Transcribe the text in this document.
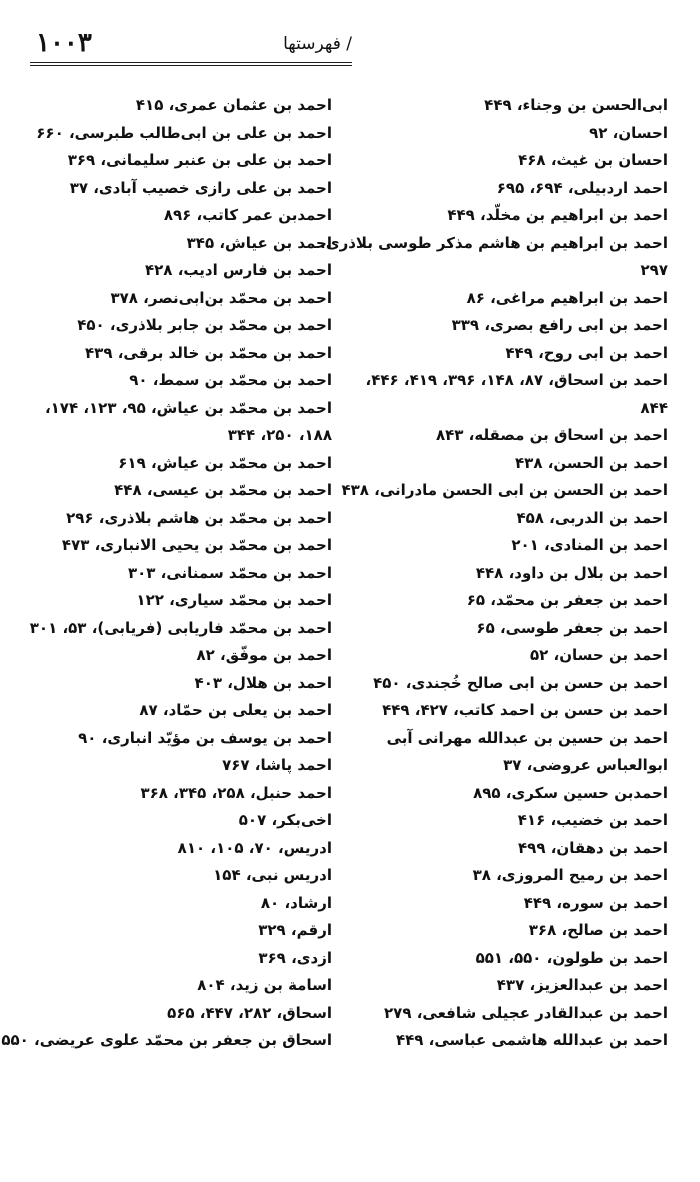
۱۰۰۳	/ فهرستها
ابی‌الحسن بن وجناء، ۴۴۹
احسان، ۹۲
احسان بن غیث، ۴۶۸
احمد اردبیلی، ۶۹۴، ۶۹۵
احمد بن ابراهیم بن مخلّد، ۴۴۹
احمد بن ابراهیم بن هاشم مذکر طوسی بلاذری،
۲۹۷
احمد بن ابراهیم مراغی، ۸۶
احمد بن ابی رافع بصری، ۳۳۹
احمد بن ابی روح، ۴۴۹
احمد بن اسحاق، ۸۷، ۱۴۸، ۳۹۶، ۴۱۹، ۴۴۶،
۸۴۴
احمد بن اسحاق بن مصقله، ۸۴۳
احمد بن الحسن، ۴۳۸
احمد بن الحسن بن ابی الحسن مادرانی، ۴۳۸
احمد بن الدربی، ۴۵۸
احمد بن المنادی، ۲۰۱
احمد بن بلال بن داود، ۴۴۸
احمد بن جعفر بن محمّد، ۶۵
احمد بن جعفر طوسی، ۶۵
احمد بن حسان، ۵۲
احمد بن حسن بن ابی صالح خُجندی، ۴۵۰
احمد بن حسن بن احمد کاتب، ۴۲۷، ۴۴۹
احمد بن حسین بن عبدالله مهرانی آبی
ابوالعباس عروضی، ۳۷
احمدبن حسین سکری، ۸۹۵
احمد بن خضیب، ۴۱۶
احمد بن دهقان، ۴۹۹
احمد بن رمیح المروزی، ۳۸
احمد بن سوره، ۴۴۹
احمد بن صالح، ۳۶۸
احمد بن طولون، ۵۵۰، ۵۵۱
احمد بن عبدالعزیز، ۴۳۷
احمد بن عبدالقادر عجیلی شافعی، ۲۷۹
احمد بن عبدالله هاشمی عباسی، ۴۴۹
احمد بن عثمان عمری، ۴۱۵
احمد بن علی بن ابی‌طالب طبرسی، ۶۶۰
احمد بن علی بن عنبر سلیمانی، ۳۶۹
احمد بن علی رازی خصیب آبادی، ۳۷
احمدبن عمر کاتب، ۸۹۶
احمد بن عیاش، ۳۴۵
احمد بن فارس ادیب، ۴۲۸
احمد بن محمّد بن‌ابی‌نصر، ۳۷۸
احمد بن محمّد بن جابر بلاذری، ۴۵۰
احمد بن محمّد بن خالد برقی، ۴۳۹
احمد بن محمّد بن سمط، ۹۰
احمد بن محمّد بن عیاش، ۹۵، ۱۲۳، ۱۷۴،
۱۸۸، ۲۵۰، ۳۴۴
احمد بن محمّد بن عیاش، ۶۱۹
احمد بن محمّد بن عیسی، ۴۴۸
احمد بن محمّد بن هاشم بلاذری، ۲۹۶
احمد بن محمّد بن یحیی الانباری، ۴۷۳
احمد بن محمّد سمنانی، ۳۰۳
احمد بن محمّد سیاری، ۱۲۲
احمد بن محمّد فاریابی (فریابی)، ۵۳، ۳۰۱
احمد بن موفّق، ۸۲
احمد بن هلال، ۴۰۳
احمد بن یعلی بن حمّاد، ۸۷
احمد بن یوسف بن مؤیّد انباری، ۹۰
احمد پاشا، ۷۶۷
احمد حنبل، ۲۵۸، ۳۴۵، ۳۶۸
اخی‌بکر، ۵۰۷
ادریس، ۷۰، ۱۰۵، ۸۱۰
ادریس نبی، ۱۵۴
ارشاد، ۸۰
ارقم، ۳۲۹
ازدی، ۳۶۹
اسامة بن زید، ۸۰۴
اسحاق، ۲۸۲، ۴۴۷، ۵۶۵
اسحاق بن جعفر بن محمّد علوی عریضی، ۵۵۰
